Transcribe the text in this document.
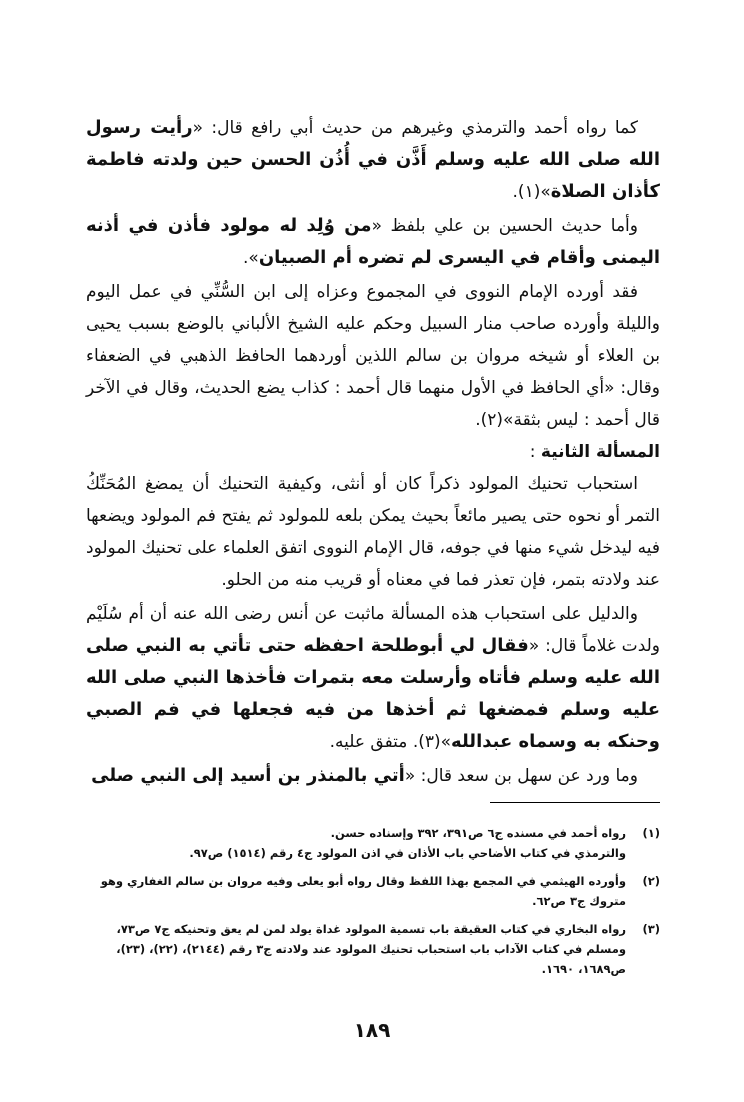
كما رواه أحمد والترمذي وغيرهم من حديث أبي رافع قال: «رأيت رسول الله صلى الله عليه وسلم أَذَّن في أُذُن الحسن حين ولدته فاطمة كأذان الصلاة»(١).

وأما حديث الحسين بن علي بلفظ «من وُلِد له مولود فأذن في أذنه اليمنى وأقام في اليسرى لم تضره أم الصبيان».

فقد أورده الإمام النووى في المجموع وعزاه إلى ابن السُّنِّي في عمل اليوم والليلة وأورده صاحب منار السبيل وحكم عليه الشيخ الألباني بالوضع بسبب يحيى بن العلاء أو شيخه مروان بن سالم اللذين أوردهما الحافظ الذهبي في الضعفاء وقال: «أي الحافظ في الأول منهما قال أحمد : كذاب يضع الحديث، وقال في الآخر قال أحمد : ليس بثقة»(٢).

المسألة الثانية :

استحباب تحنيك المولود ذكراً كان أو أنثى، وكيفية التحنيك أن يمضغ المُحَنِّكُ التمر أو نحوه حتى يصير مائعاً بحيث يمكن بلعه للمولود ثم يفتح فم المولود ويضعها فيه ليدخل شيء منها في جوفه، قال الإمام النووى اتفق العلماء على تحنيك المولود عند ولادته بتمر، فإن تعذر فما في معناه أو قريب منه من الحلو.

والدليل على استحباب هذه المسألة ماثبت عن أنس رضى الله عنه أن أم سُلَيْم ولدت غلاماً قال: «فقال لي أبوطلحة احفظه حتى تأتي به النبي صلى الله عليه وسلم فأتاه وأرسلت معه بتمرات فأخذها النبي صلى الله عليه وسلم فمضغها ثم أخذها من فيه فجعلها في فم الصبي وحنكه به وسماه عبدالله»(٣). متفق عليه.

وما ورد عن سهل بن سعد قال: «أتي بالمنذر بن أسيد إلى النبي صلى

(١)
رواه أحمد في مسنده ج٦ ص٣٩١، ٣٩٢ وإسناده حسن.
والترمذي في كتاب الأضاحي باب الأذان في اذن المولود ج٤ رقم (١٥١٤) ص٩٧.
(٢)
وأورده الهيثمي في المجمع بهذا اللفظ وقال رواه أبو يعلى وفيه مروان بن سالم الغفاري وهو متروك ج٣ ص٦٢.
(٣)
رواه البخاري في كتاب العقيقة باب تسمية المولود غداة يولد لمن لم يعق وتحنيكه ج٧ ص٧٣،
ومسلم في كتاب الآداب باب استحباب تحنيك المولود عند ولادته ج٣ رقم (٢١٤٤)، (٢٢)، (٢٣)، ص١٦٨٩، ١٦٩٠.
١٨٩
